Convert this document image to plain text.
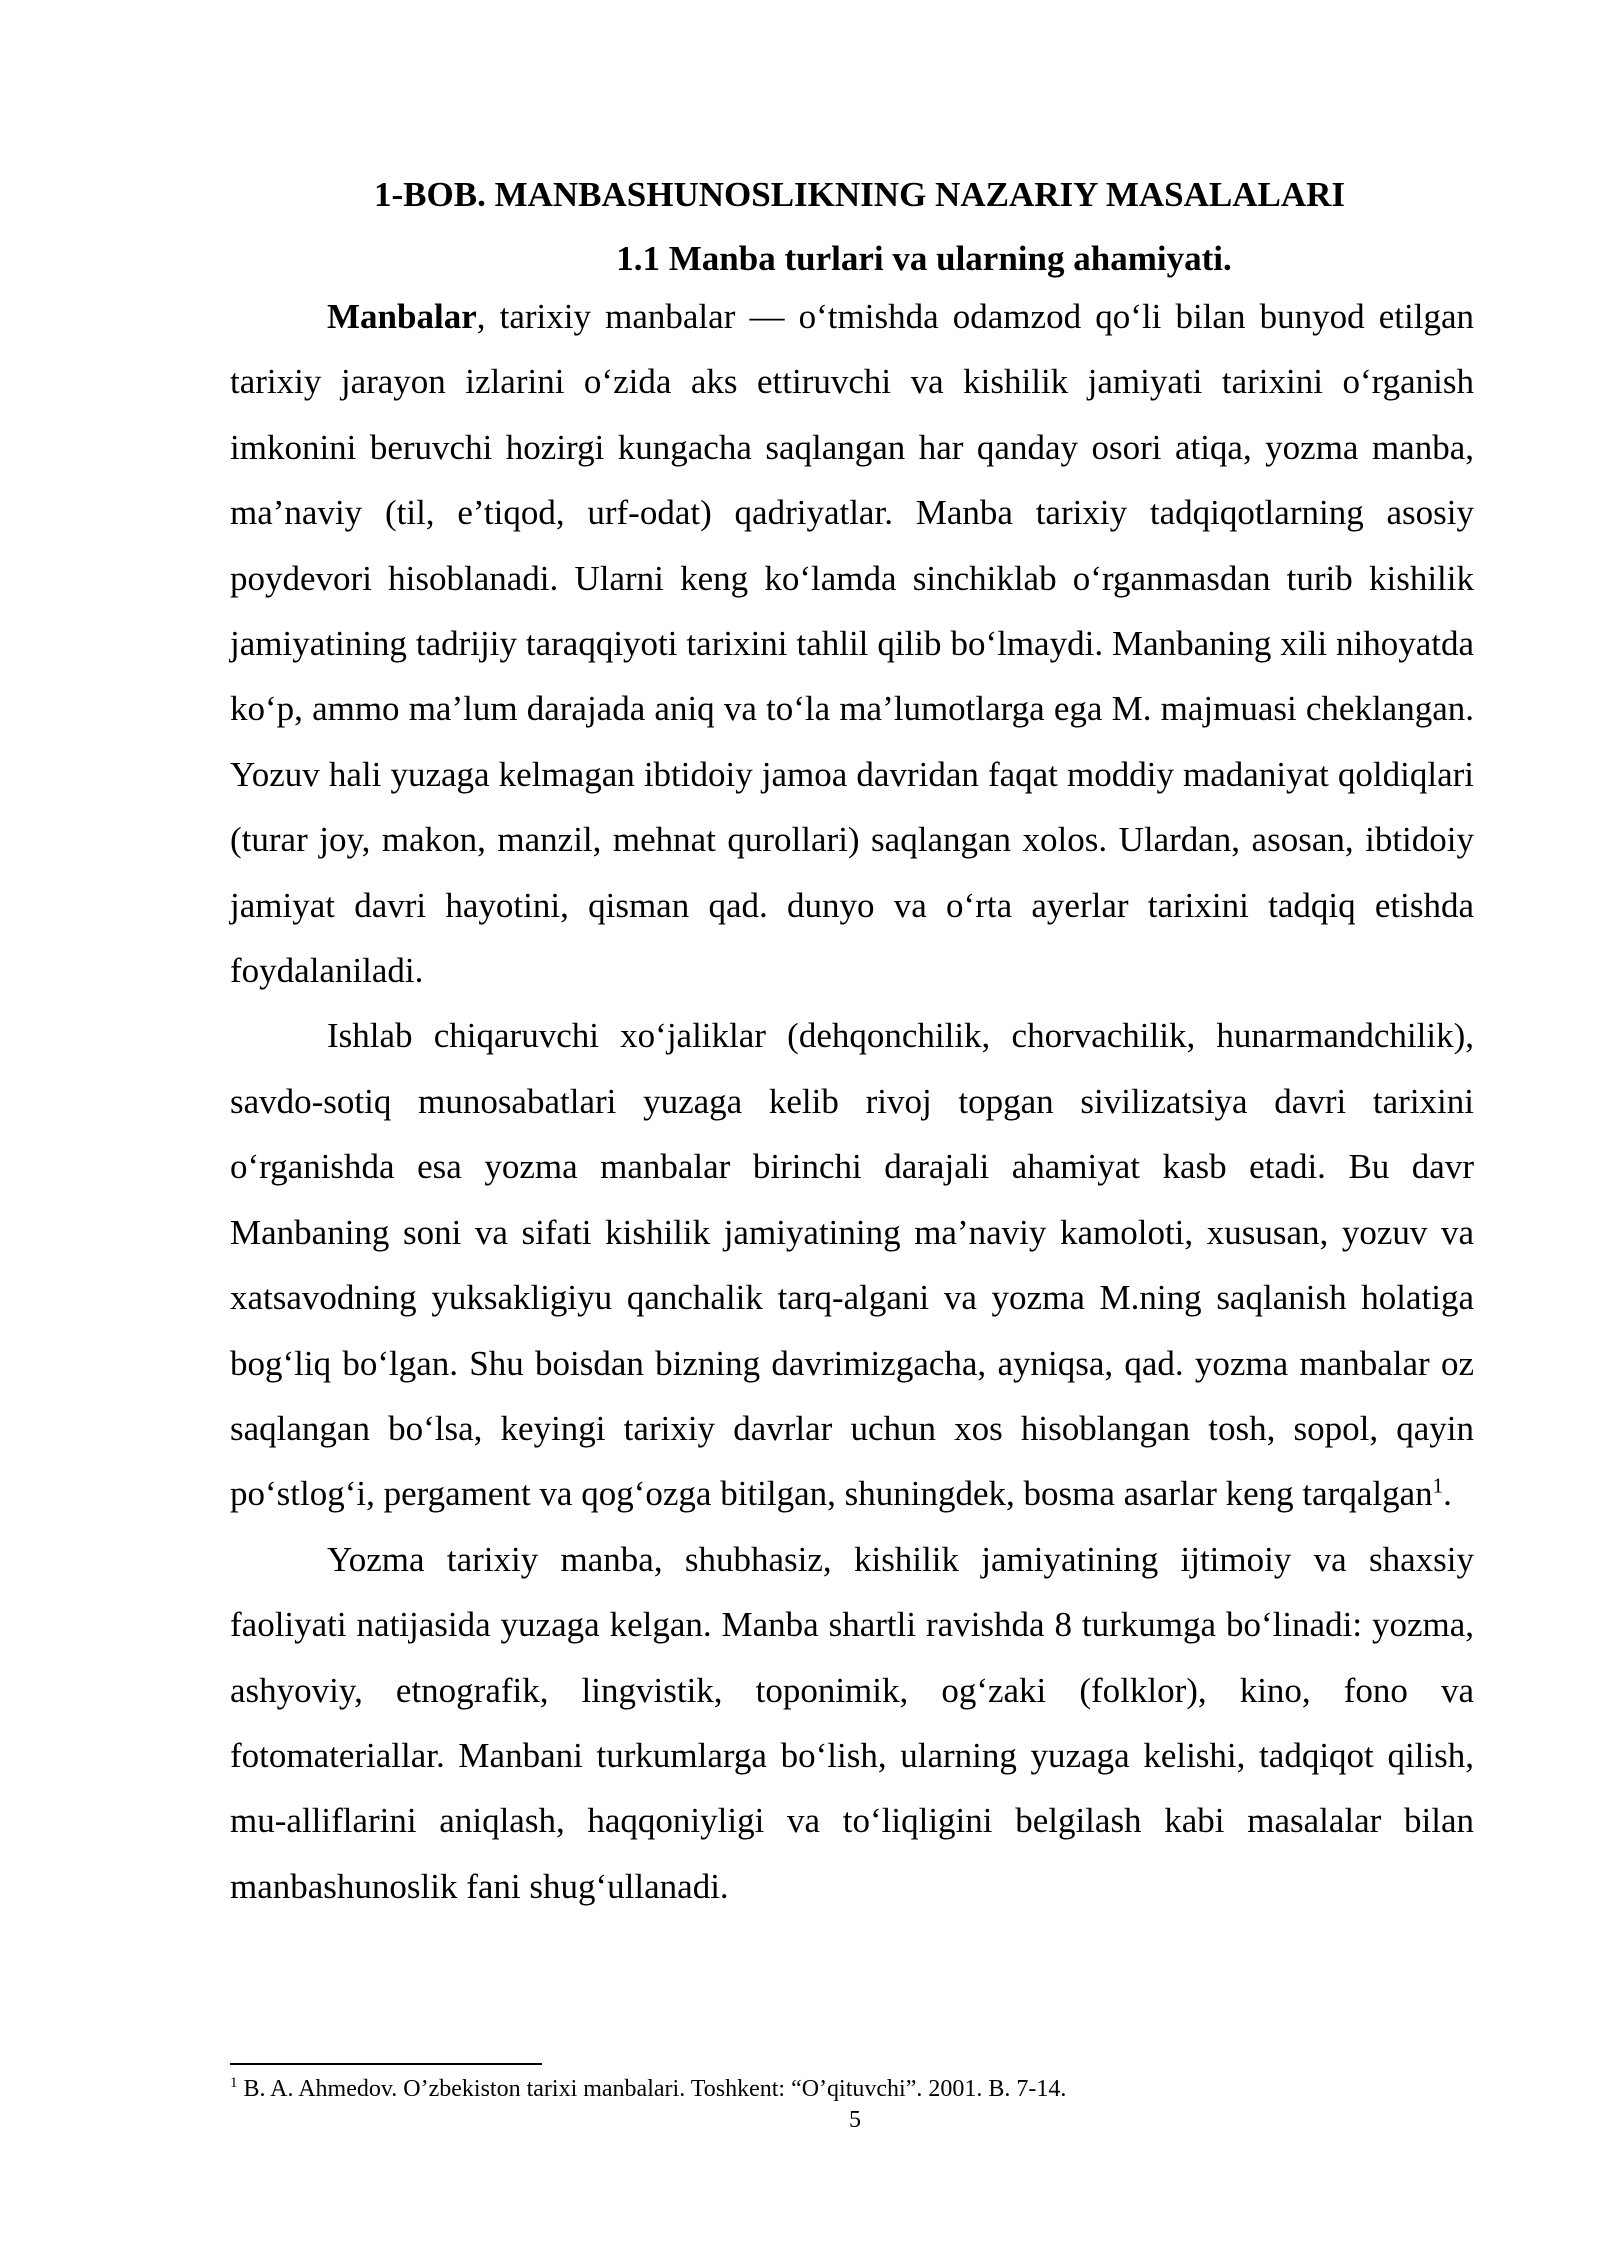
1-BOB. MANBASHUNOSLIKNING NAZARIY MASALALARI
1.1 Manba turlari va ularning ahamiyati.

Manbalar, tarixiy manbalar — o‘tmishda odamzod qo‘li bilan bunyod etilgan tarixiy jarayon izlarini o‘zida aks ettiruvchi va kishilik jamiyati tarixini o‘rganish imkonini beruvchi hozirgi kungacha saqlangan har qanday osori atiqa, yozma manba, ma’naviy (til, e’tiqod, urf-odat) qadriyatlar. Manba tarixiy tadqiqotlarning asosiy poydevori hisoblanadi. Ularni keng ko‘lamda sinchiklab o‘rganmasdan turib kishilik jamiyatining tadrijiy taraqqiyoti tarixini tahlil qilib bo‘lmaydi. Manbaning xili nihoyatda ko‘p, ammo ma’lum darajada aniq va to‘la ma’lumotlarga ega M. majmuasi cheklangan. Yozuv hali yuzaga kelmagan ibtidoiy jamoa davridan faqat moddiy madaniyat qoldiqlari (turar joy, makon, manzil, mehnat qurollari) saqlangan xolos. Ulardan, asosan, ibtidoiy jamiyat davri hayotini, qisman qad. dunyo va o‘rta ayerlar tarixini tadqiq etishda foydalaniladi.

Ishlab chiqaruvchi xo‘jaliklar (dehqonchilik, chorvachilik, hunarmandchilik), savdo-sotiq munosabatlari yuzaga kelib rivoj topgan sivilizatsiya davri tarixini o‘rganishda esa yozma manbalar birinchi darajali ahamiyat kasb etadi. Bu davr Manbaning soni va sifati kishilik jamiyatining ma’naviy kamoloti, xususan, yozuv va xatsavodning yuksakligiyu qanchalik tarq-algani va yozma M.ning saqlanish holatiga bog‘liq bo‘lgan. Shu boisdan bizning davrimizgacha, ayniqsa, qad. yozma manbalar oz saqlangan bo‘lsa, keyingi tarixiy davrlar uchun xos hisoblangan tosh, sopol, qayin po‘stlog‘i, pergament va qog‘ozga bitilgan, shuningdek, bosma asarlar keng tarqalgan$^1$.

Yozma tarixiy manba, shubhasiz, kishilik jamiyatining ijtimoiy va shaxsiy faoliyati natijasida yuzaga kelgan. Manba shartli ravishda 8 turkumga bo‘linadi: yozma, ashyoviy, etnografik, lingvistik, toponimik, og‘zaki (folklor), kino, fono va fotomateriallar. Manbani turkumlarga bo‘lish, ularning yuzaga kelishi, tadqiqot qilish, mu-alliflarini aniqlash, haqqoniyligi va to‘liqligini belgilash kabi masalalar bilan manbashunoslik fani shug‘ullanadi.

$^1$ B. A. Ahmedov. O’zbekiston tarixi manbalari. Toshkent: “O’qituvchi”. 2001. B. 7-14.
5
